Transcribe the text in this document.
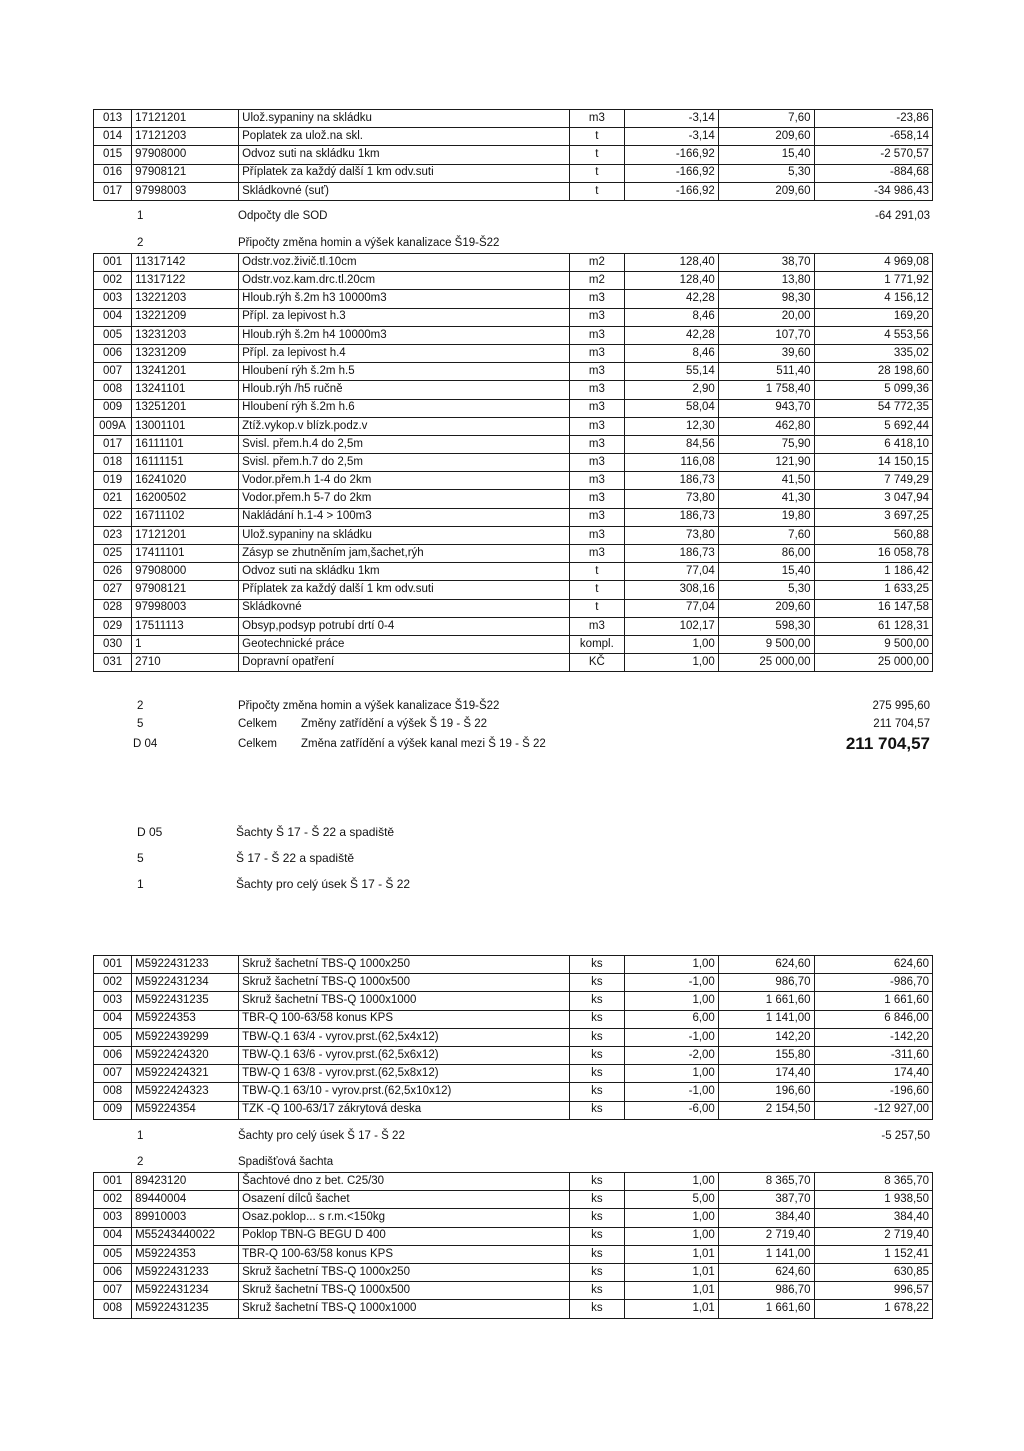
013	17121201	Ulož.sypaniny na skládku	m3	-3,14	7,60	-23,86
014	17121203	Poplatek za ulož.na skl.	t	-3,14	209,60	-658,14
015	97908000	Odvoz suti na skládku 1km	t	-166,92	15,40	-2 570,57
016	97908121	Příplatek za každý další 1 km odv.suti	t	-166,92	5,30	-884,68
017	97998003	Skládkovné (suť)	t	-166,92	209,60	-34 986,43
1	Odpočty dle SOD	-64 291,03
2	Připočty změna homin a výšek kanalizace Š19-Š22
001	11317142	Odstr.voz.živič.tl.10cm	m2	128,40	38,70	4 969,08
002	11317122	Odstr.voz.kam.drc.tl.20cm	m2	128,40	13,80	1 771,92
003	13221203	Hloub.rýh š.2m h3 10000m3	m3	42,28	98,30	4 156,12
004	13221209	Přípl. za lepivost h.3	m3	8,46	20,00	169,20
005	13231203	Hloub.rýh š.2m h4 10000m3	m3	42,28	107,70	4 553,56
006	13231209	Přípl. za lepivost h.4	m3	8,46	39,60	335,02
007	13241201	Hloubení rýh š.2m h.5	m3	55,14	511,40	28 198,60
008	13241101	Hloub.rýh /h5 ručně	m3	2,90	1 758,40	5 099,36
009	13251201	Hloubení rýh š.2m h.6	m3	58,04	943,70	54 772,35
009A	13001101	Ztíž.vykop.v blízk.podz.v	m3	12,30	462,80	5 692,44
017	16111101	Svisl. přem.h.4 do 2,5m	m3	84,56	75,90	6 418,10
018	16111151	Svisl. přem.h.7 do 2,5m	m3	116,08	121,90	14 150,15
019	16241020	Vodor.přem.h 1-4 do 2km	m3	186,73	41,50	7 749,29
021	16200502	Vodor.přem.h 5-7 do 2km	m3	73,80	41,30	3 047,94
022	16711102	Nakládání h.1-4 > 100m3	m3	186,73	19,80	3 697,25
023	17121201	Ulož.sypaniny na skládku	m3	73,80	7,60	560,88
025	17411101	Zásyp se zhutněním jam,šachet,rýh	m3	186,73	86,00	16 058,78
026	97908000	Odvoz suti na skládku 1km	t	77,04	15,40	1 186,42
027	97908121	Příplatek za každý další 1 km odv.suti	t	308,16	5,30	1 633,25
028	97998003	Skládkovné	t	77,04	209,60	16 147,58
029	17511113	Obsyp,podsyp potrubí drtí 0-4	m3	102,17	598,30	61 128,31
030	1	Geotechnické práce	kompl.	1,00	9 500,00	9 500,00
031	2710	Dopravní opatření	KČ	1,00	25 000,00	25 000,00
2	Připočty změna homin a výšek kanalizace Š19-Š22	275 995,60
5	Celkem Změny zatřídění a výšek Š 19 - Š 22	211 704,57
D 04	Celkem Změna zatřídění a výšek kanal mezi Š 19 - Š 22	211 704,57
D 05	Šachty Š 17 - Š 22 a spadiště
5	Š 17 - Š 22 a spadiště
1	Šachty pro celý úsek Š 17 - Š 22
001	M5922431233	Skruž šachetní TBS-Q 1000x250	ks	1,00	624,60	624,60
002	M5922431234	Skruž šachetní TBS-Q 1000x500	ks	-1,00	986,70	-986,70
003	M5922431235	Skruž šachetní TBS-Q 1000x1000	ks	1,00	1 661,60	1 661,60
004	M59224353	TBR-Q 100-63/58 konus KPS	ks	6,00	1 141,00	6 846,00
005	M5922439299	TBW-Q.1 63/4 - vyrov.prst.(62,5x4x12)	ks	-1,00	142,20	-142,20
006	M5922424320	TBW-Q.1 63/6 - vyrov.prst.(62,5x6x12)	ks	-2,00	155,80	-311,60
007	M5922424321	TBW-Q 1 63/8 - vyrov.prst.(62,5x8x12)	ks	1,00	174,40	174,40
008	M5922424323	TBW-Q.1 63/10 - vyrov.prst.(62,5x10x12)	ks	-1,00	196,60	-196,60
009	M59224354	TZK -Q 100-63/17 zákrytová deska	ks	-6,00	2 154,50	-12 927,00
1	Šachty pro celý úsek Š 17 - Š 22	-5 257,50
2	Spadišťová šachta
001	89423120	Šachtové dno z bet. C25/30	ks	1,00	8 365,70	8 365,70
002	89440004	Osazení dílců šachet	ks	5,00	387,70	1 938,50
003	89910003	Osaz.poklop... s r.m.<150kg	ks	1,00	384,40	384,40
004	M55243440022	Poklop TBN-G BEGU D 400	ks	1,00	2 719,40	2 719,40
005	M59224353	TBR-Q 100-63/58 konus KPS	ks	1,01	1 141,00	1 152,41
006	M5922431233	Skruž šachetní TBS-Q 1000x250	ks	1,01	624,60	630,85
007	M5922431234	Skruž šachetní TBS-Q 1000x500	ks	1,01	986,70	996,57
008	M5922431235	Skruž šachetní TBS-Q 1000x1000	ks	1,01	1 661,60	1 678,22
